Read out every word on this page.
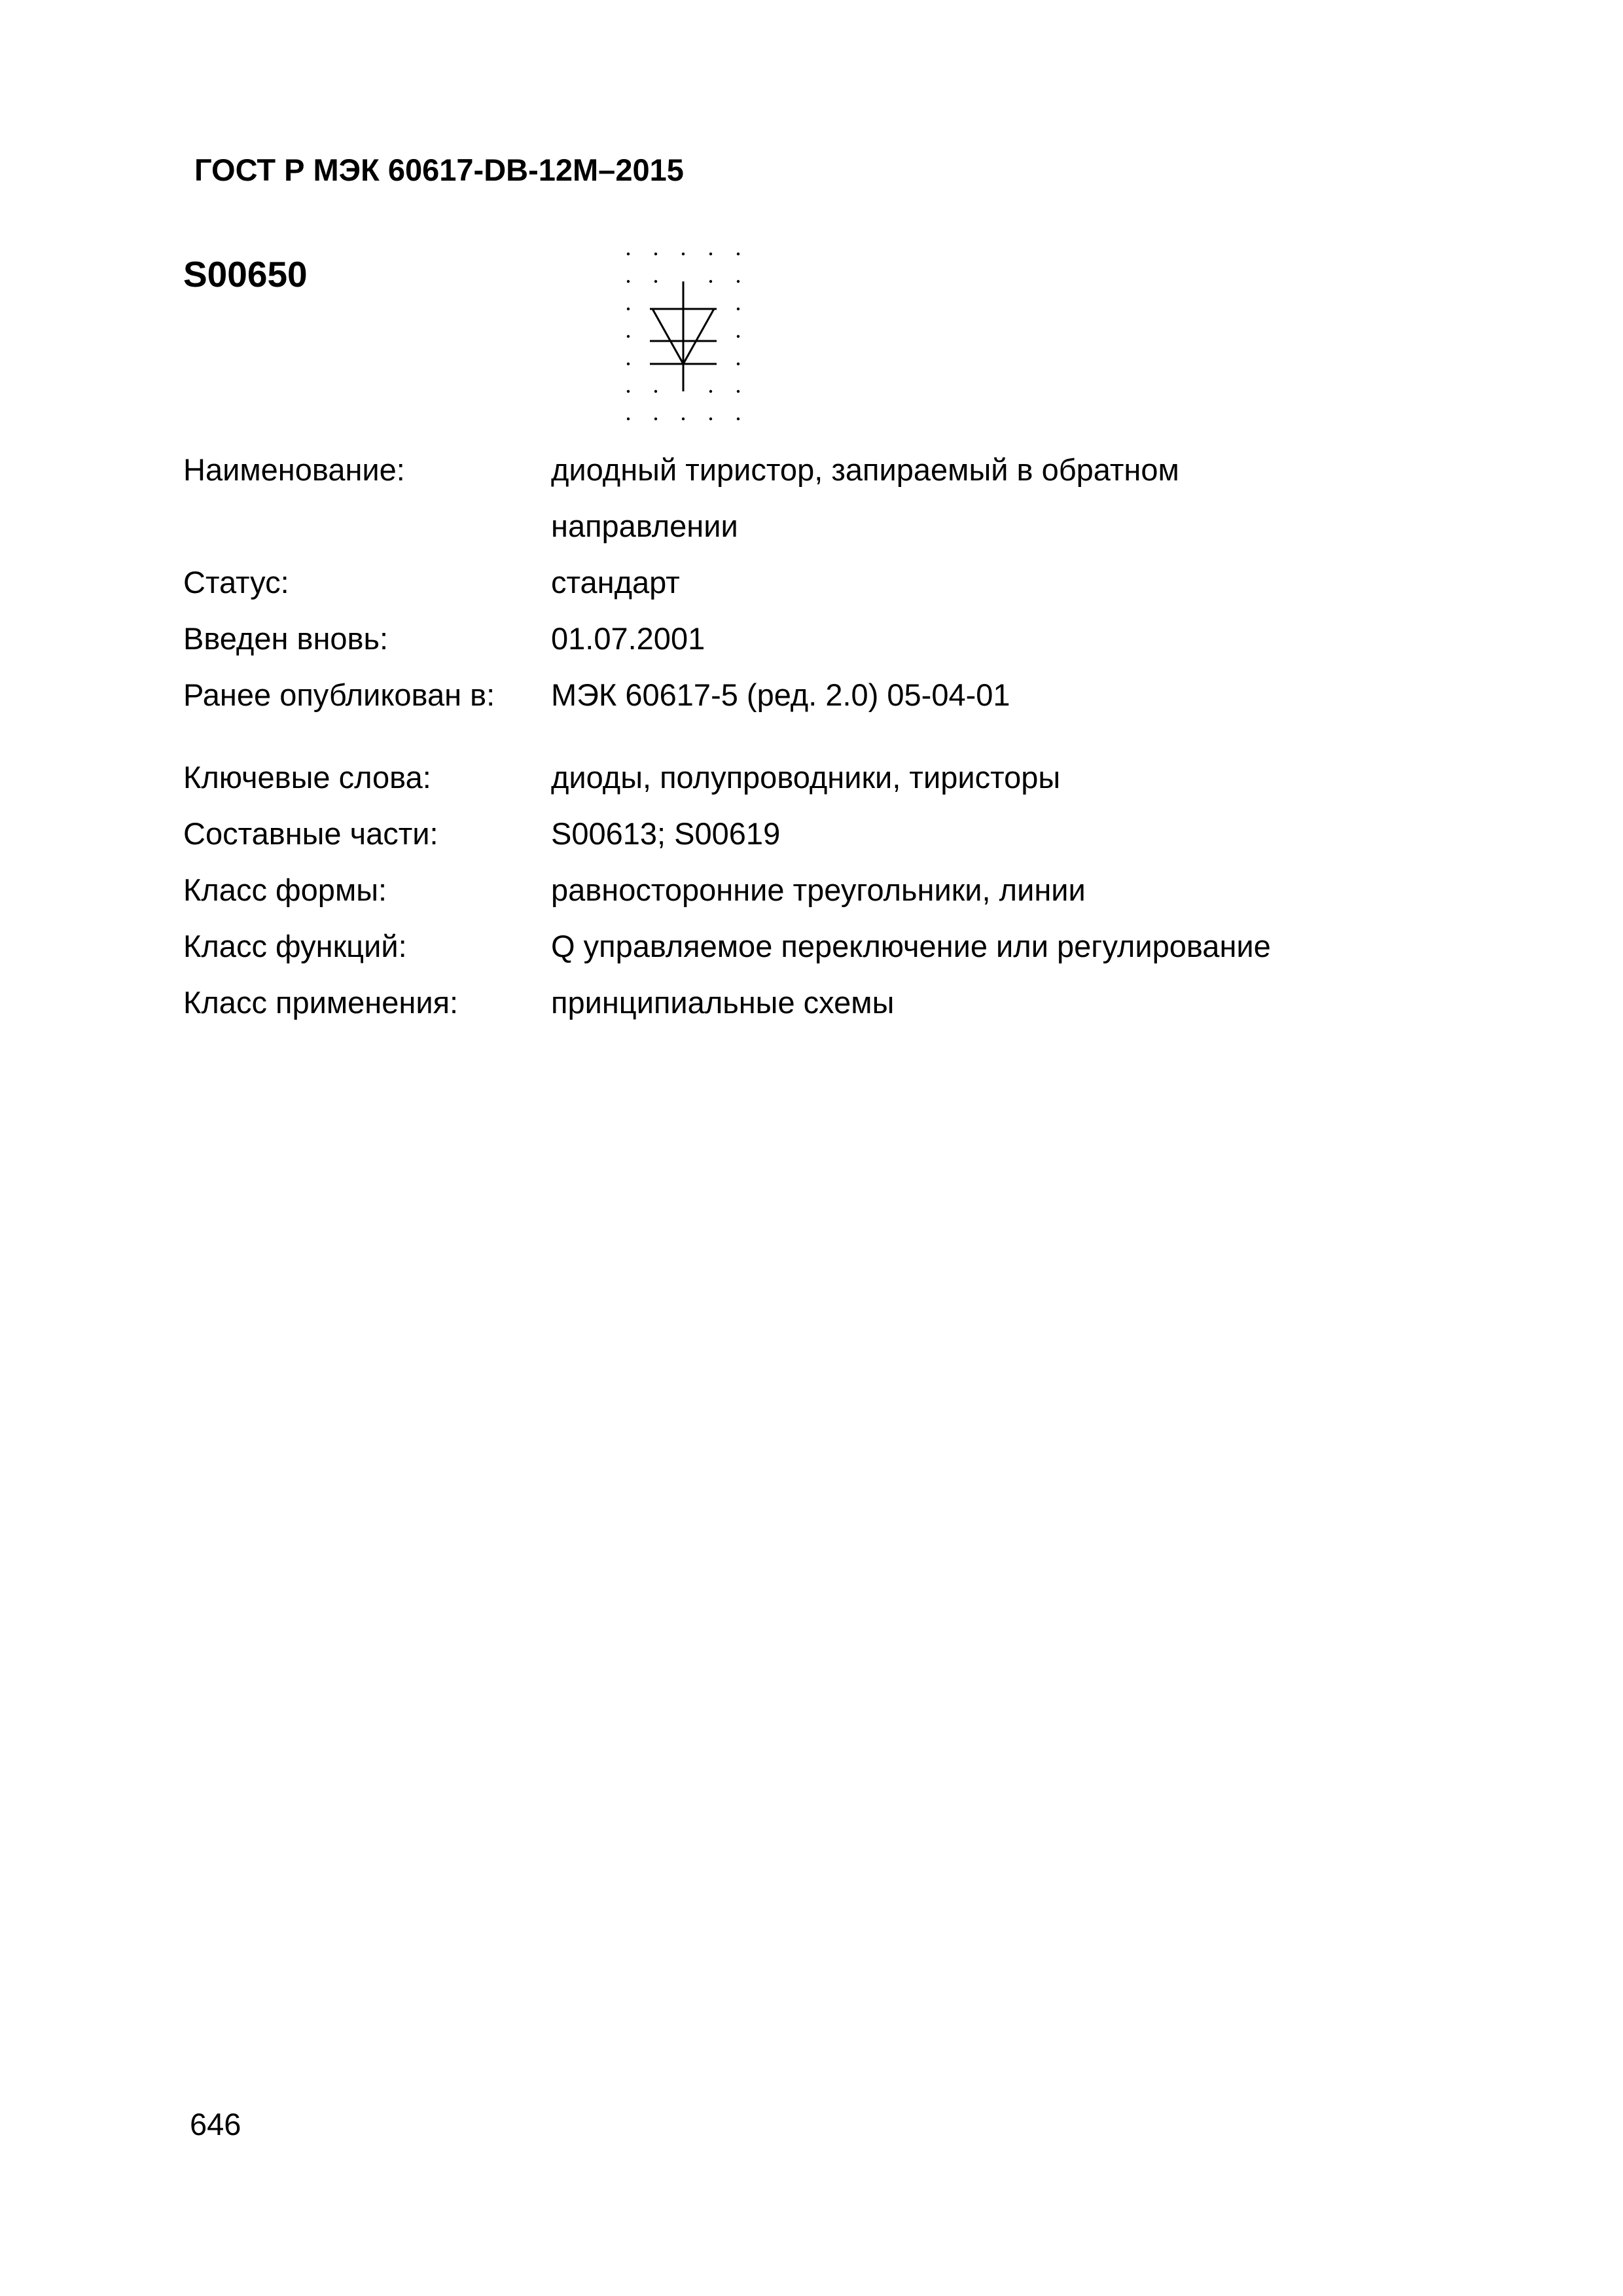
ГОСТ Р МЭК 60617-DB-12M–2015
S00650
Наименование:	диодный тиристор, запираемый в обратном
направлении
Статус:	стандарт
Введен вновь:	01.07.2001
Ранее опубликован в:	МЭК 60617-5 (ред. 2.0) 05-04-01
Ключевые слова:	диоды, полупроводники, тиристоры
Составные части:	S00613; S00619
Класс формы:	равносторонние треугольники, линии
Класс функций:	Q управляемое переключение или регулирование
Класс применения:	принципиальные схемы
646
